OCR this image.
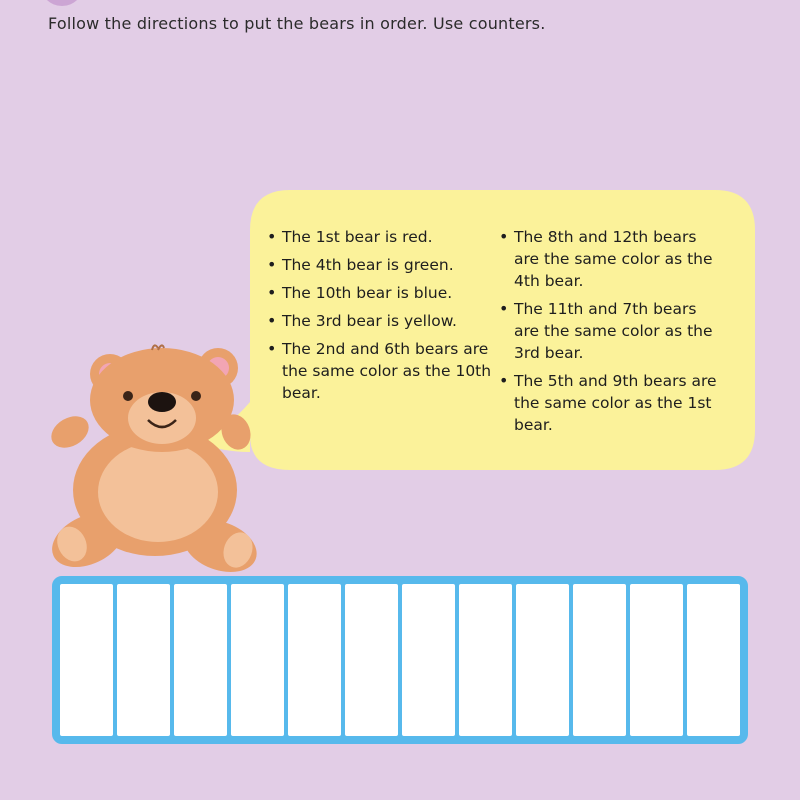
Follow the directions to put the bears in order. Use counters.
• The 1st bear is red.
• The 4th bear is green.
• The 10th bear is blue.
• The 3rd bear is yellow.
• The 2nd and 6th bears are the same color as the 10th bear.
• The 8th and 12th bears are the same color as the 4th bear.
• The 11th and 7th bears are the same color as the 3rd bear.
• The 5th and 9th bears are the same color as the 1st bear.
